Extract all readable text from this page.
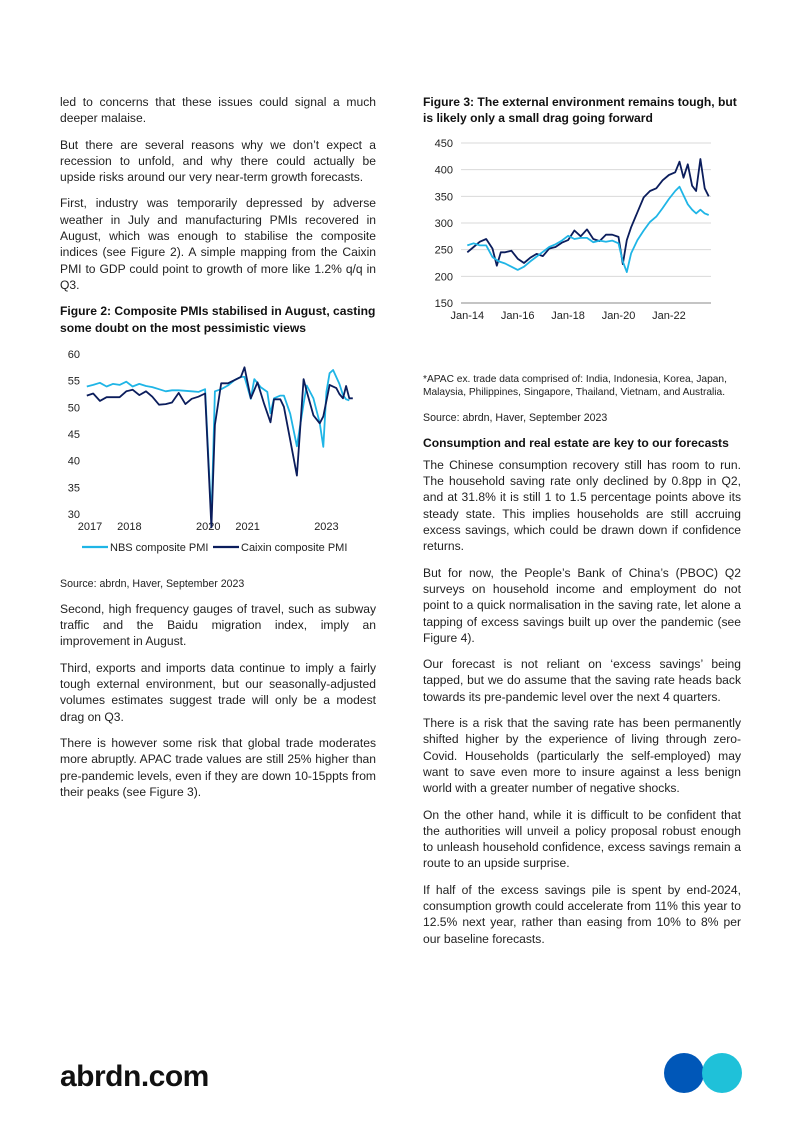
led to concerns that these issues could signal a much deeper malaise.

But there are several reasons why we don’t expect a recession to unfold, and why there could actually be upside risks around our very near-term growth forecasts.

First, industry was temporarily depressed by adverse weather in July and manufacturing PMIs recovered in August, which was enough to stabilise the composite indices (see Figure 2). A simple mapping from the Caixin PMI to GDP could point to growth of more like 1.2% q/q in Q3.

Figure 2: Composite PMIs stabilised in August, casting some doubt on the most pessimistic views

30
35
40
45
50
55
60
2017 2018	2020 2021	2023
NBS composite PMI	Caixin composite PMI

Source: abrdn, Haver, September 2023

Second, high frequency gauges of travel, such as subway traffic and the Baidu migration index, imply an improvement in August.

Third, exports and imports data continue to imply a fairly tough external environment, but our seasonally-adjusted volumes estimates suggest trade will only be a modest drag on Q3.

There is however some risk that global trade moderates more abruptly. APAC trade values are still 25% higher than pre-pandemic levels, even if they are down 10-15ppts from their peaks (see Figure 3).

Figure 3: The external environment remains tough, but is likely only a small drag going forward

150
200
250
300
350
400
450
Jan-14 Jan-16 Jan-18 Jan-20 Jan-22

*APAC ex. trade data comprised of: India, Indonesia, Korea, Japan, Malaysia, Philippines, Singapore, Thailand, Vietnam, and Australia.

Source: abrdn, Haver, September 2023

Consumption and real estate are key to our forecasts

The Chinese consumption recovery still has room to run. The household saving rate only declined by 0.8pp in Q2, and at 31.8% it is still 1 to 1.5 percentage points above its steady state. This implies households are still accruing excess savings, which could be drawn down if confidence returns.

But for now, the People’s Bank of China’s (PBOC) Q2 surveys on household income and employment do not point to a quick normalisation in the saving rate, let alone a tapping of excess savings built up over the pandemic (see Figure 4).

Our forecast is not reliant on ‘excess savings’ being tapped, but we do assume that the saving rate heads back towards its pre-pandemic level over the next 4 quarters.

There is a risk that the saving rate has been permanently shifted higher by the experience of living through zero-Covid. Households (particularly the self-employed) may want to save even more to insure against a less benign world with a greater number of negative shocks.

On the other hand, while it is difficult to be confident that the authorities will unveil a policy proposal robust enough to unleash household confidence, excess savings remain a route to an upside surprise.

If half of the excess savings pile is spent by end-2024, consumption growth could accelerate from 11% this year to 12.5% next year, rather than easing from 10% to 8% per our baseline forecasts.

abrdn.com
